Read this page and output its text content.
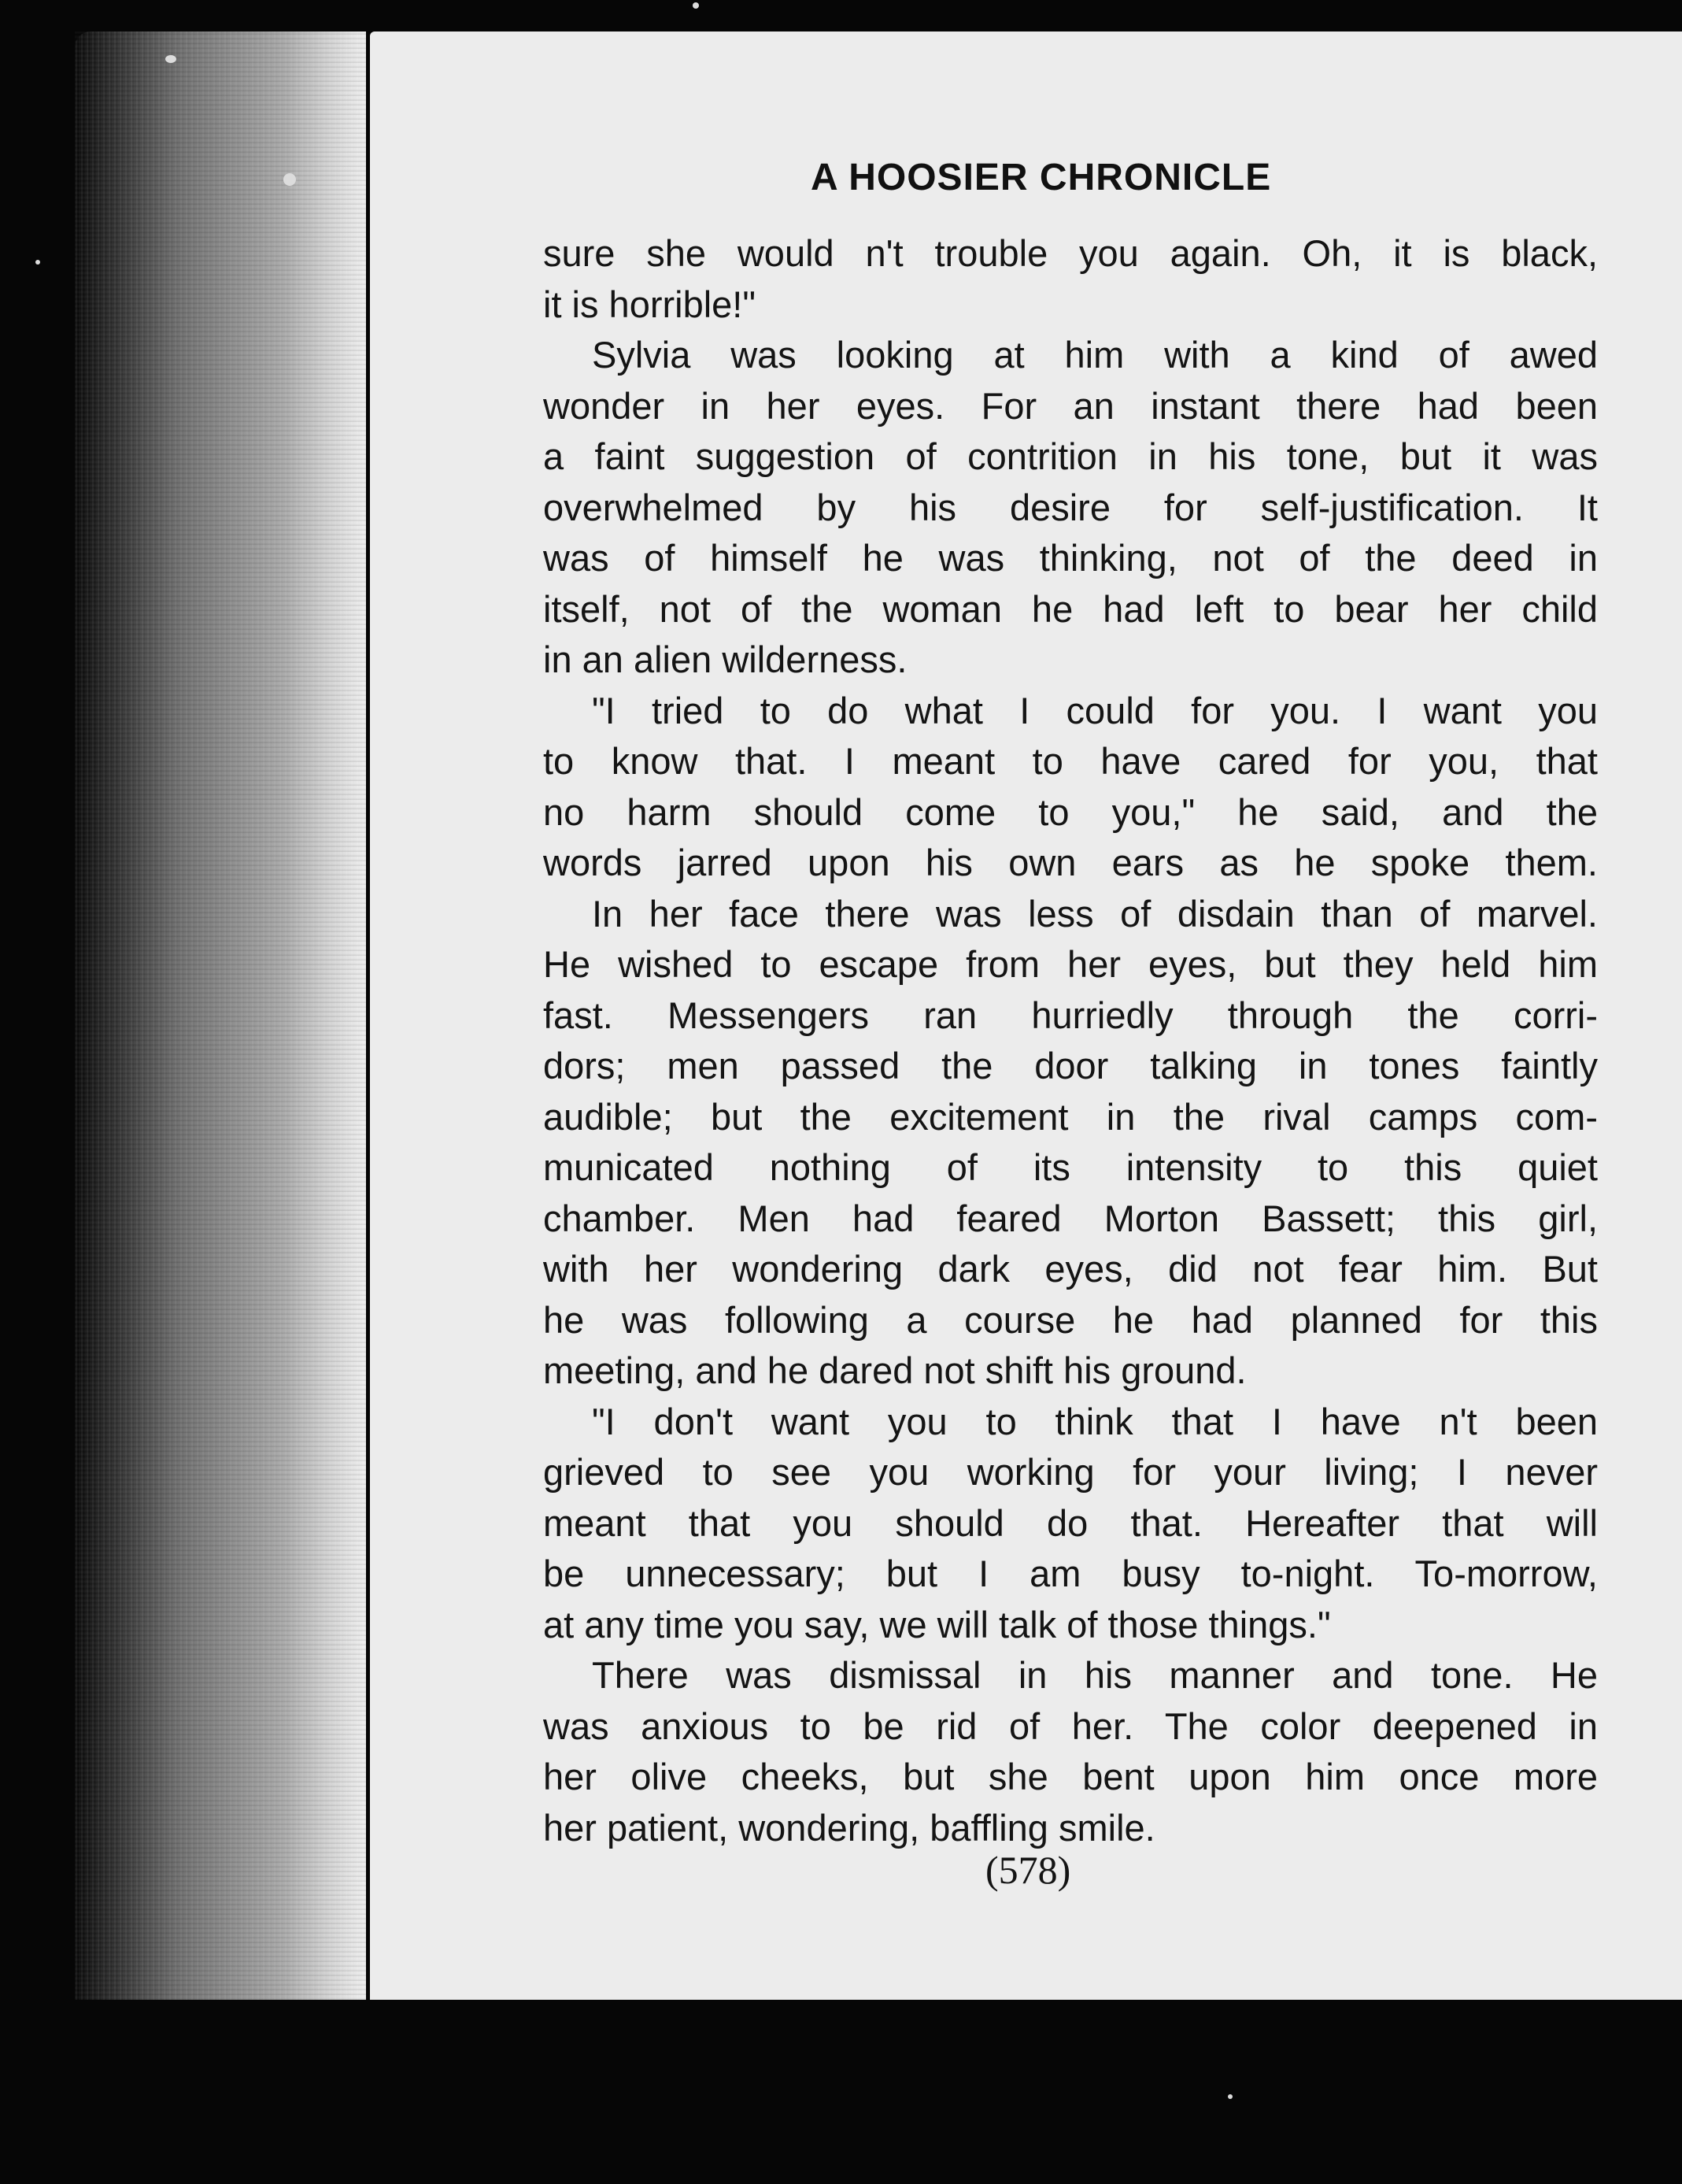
A HOOSIER CHRONICLE
sure she would n't trouble you again. Oh, it is black,
it is horrible!"
Sylvia was looking at him with a kind of awed
wonder in her eyes. For an instant there had been
a faint suggestion of contrition in his tone, but it was
overwhelmed by his desire for self-justification. It
was of himself he was thinking, not of the deed in
itself, not of the woman he had left to bear her child
in an alien wilderness.
"I tried to do what I could for you. I want you
to know that. I meant to have cared for you, that
no harm should come to you," he said, and the
words jarred upon his own ears as he spoke them.
In her face there was less of disdain than of marvel.
He wished to escape from her eyes, but they held him
fast. Messengers ran hurriedly through the corri-
dors; men passed the door talking in tones faintly
audible; but the excitement in the rival camps com-
municated nothing of its intensity to this quiet
chamber. Men had feared Morton Bassett; this girl,
with her wondering dark eyes, did not fear him. But
he was following a course he had planned for this
meeting, and he dared not shift his ground.
"I don't want you to think that I have n't been
grieved to see you working for your living; I never
meant that you should do that. Hereafter that will
be unnecessary; but I am busy to-night. To-morrow,
at any time you say, we will talk of those things."
There was dismissal in his manner and tone. He
was anxious to be rid of her. The color deepened in
her olive cheeks, but she bent upon him once more
her patient, wondering, baffling smile.

(578)
